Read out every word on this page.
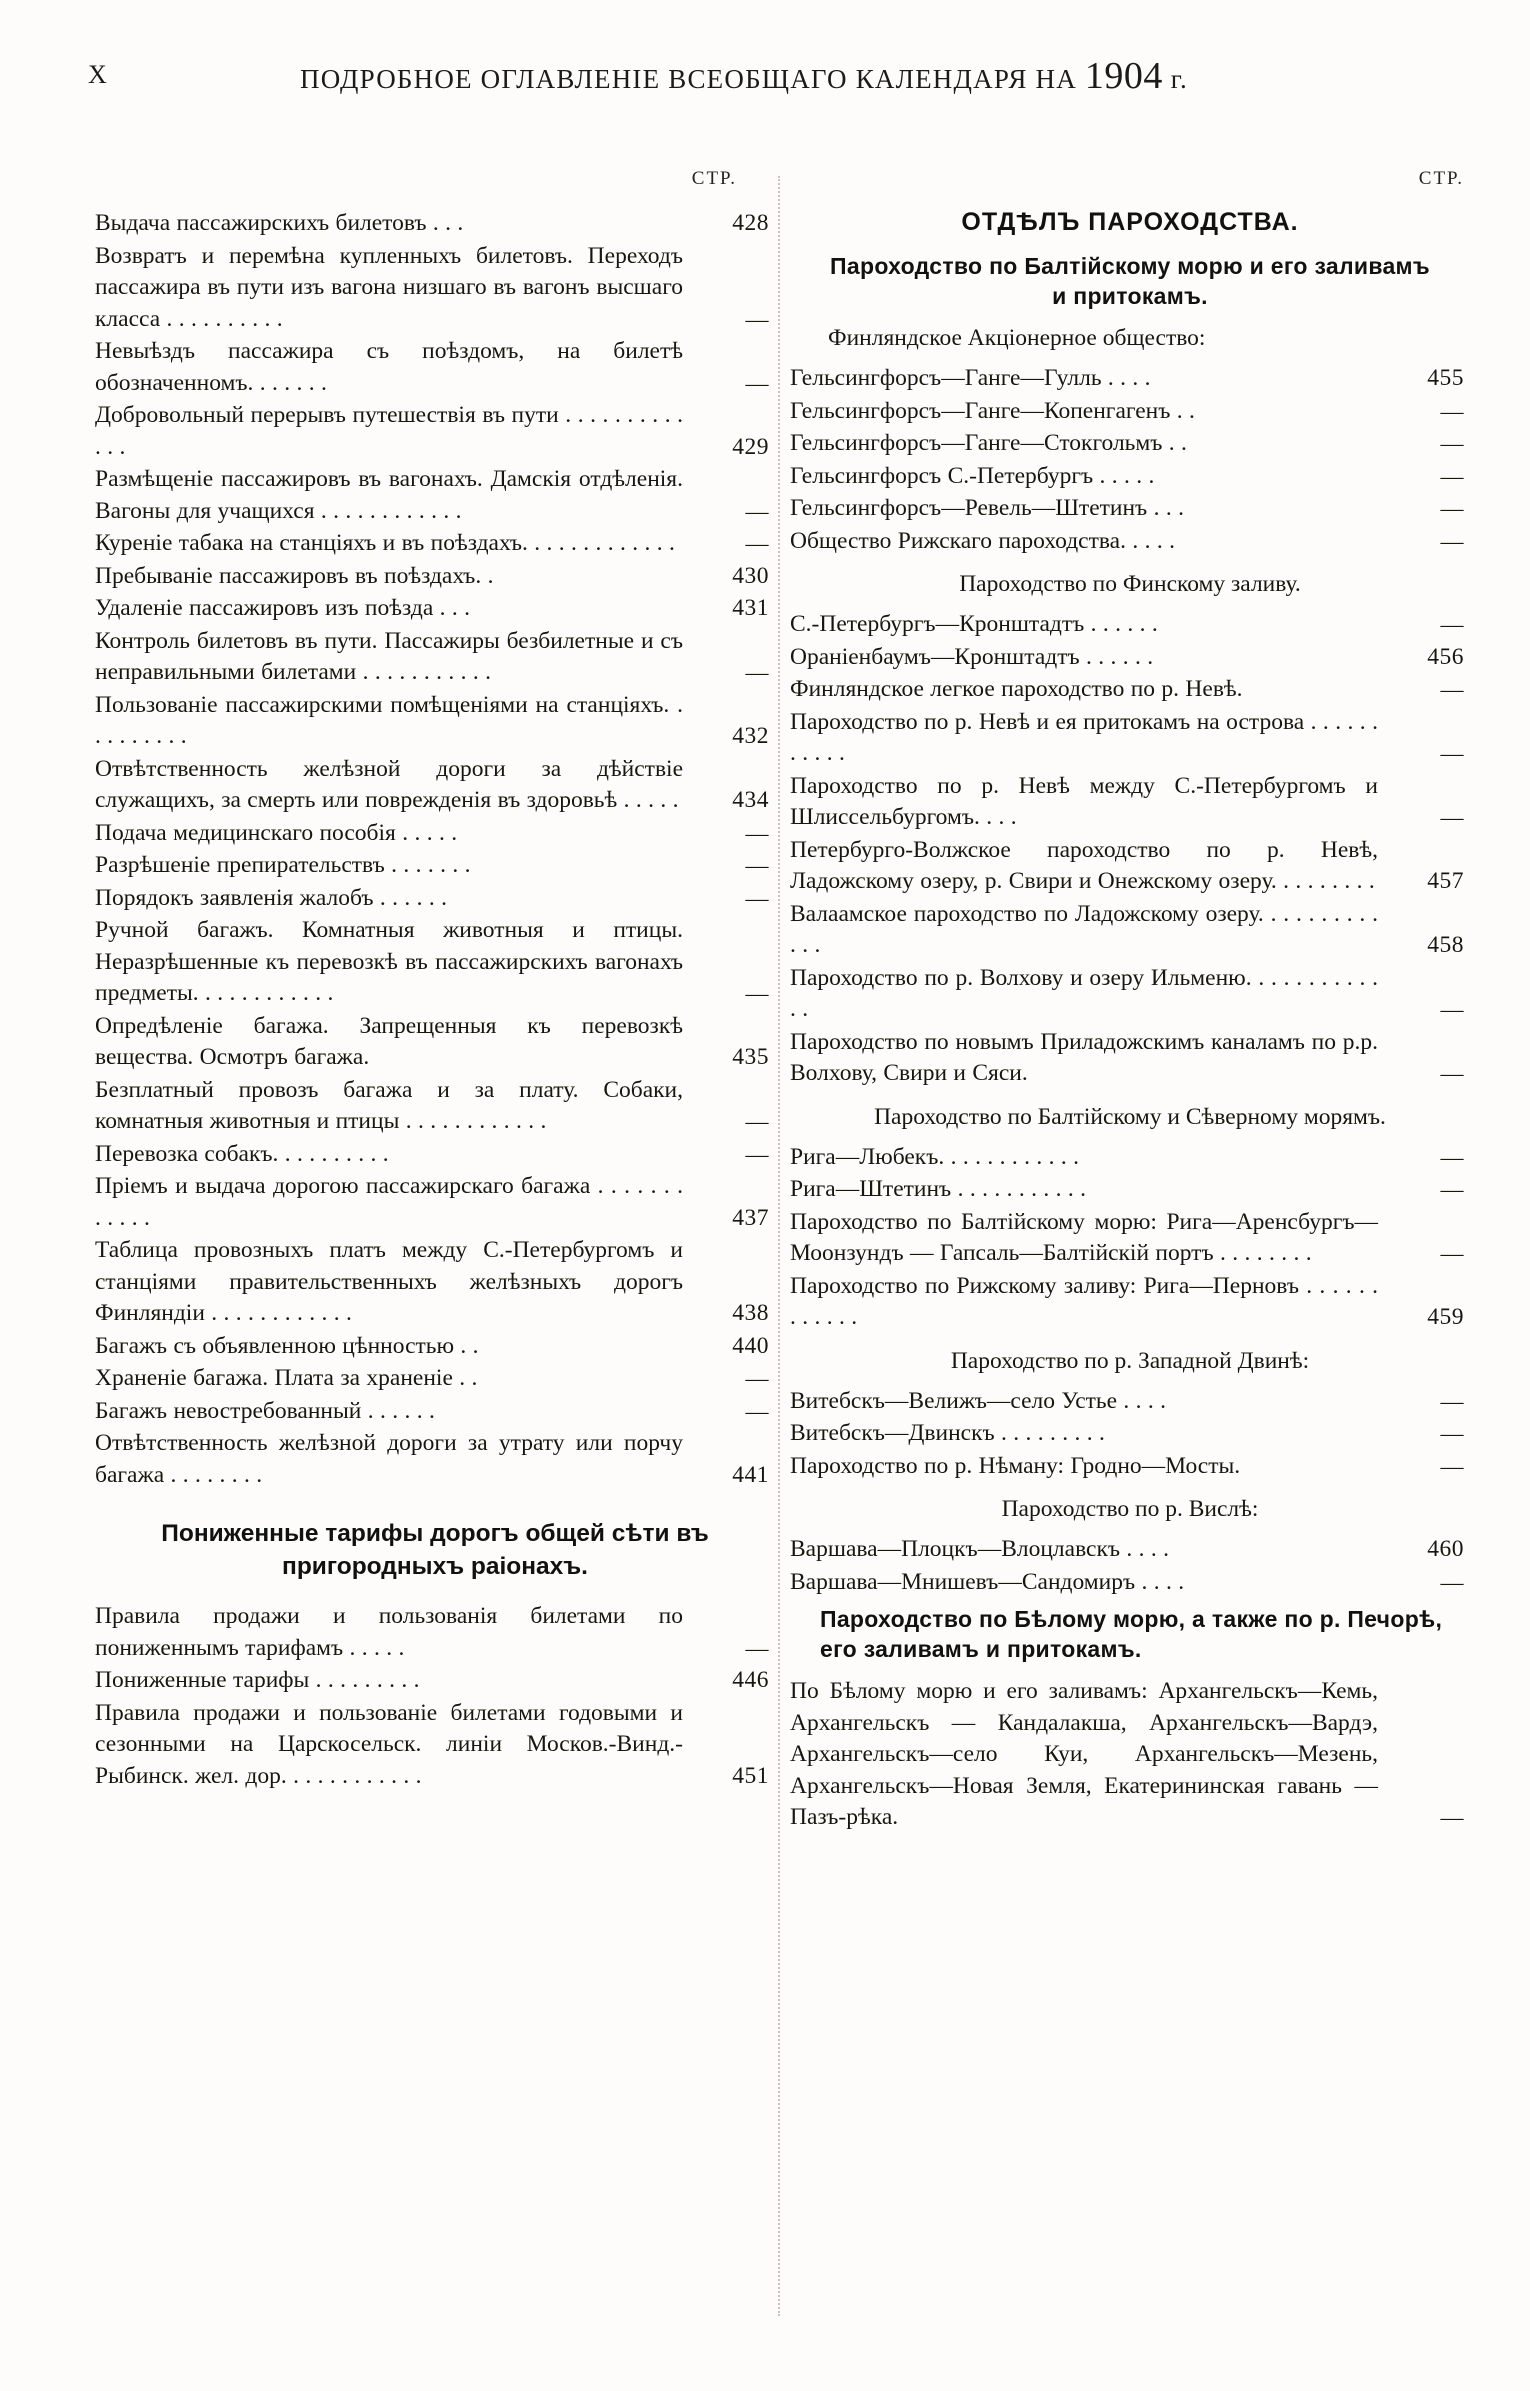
X	ПОДРОБНОЕ ОГЛАВЛЕНІЕ ВСЕОБЩАГО КАЛЕНДАРЯ НА 1904 г.
СТР.
Выдача пассажирскихъ билетовъ . . .	428
Возвратъ и перемѣна купленныхъ билетовъ. Переходъ пассажира въ пути изъ вагона низшаго въ вагонъ высшаго класса . . . . . . . . . .	—
Невыѣздъ пассажира съ поѣздомъ, на билетѣ обозначенномъ. . . . . . .	—
Добровольный перерывъ путешествія въ пути . . . . . . . . . . . . .	429
Размѣщеніе пассажировъ въ вагонахъ. Дамскія отдѣленія. Вагоны для учащихся . . . . . . . . . . . .	—
Куреніе табака на станціяхъ и въ поѣздахъ. . . . . . . . . . . . .	—
Пребываніе пассажировъ въ поѣздахъ. .	430
Удаленіе пассажировъ изъ поѣзда . . .	431
Контроль билетовъ въ пути. Пассажиры безбилетные и съ неправильными билетами . . . . . . . . . . .	—
Пользованіе пассажирскими помѣщеніями на станціяхъ. . . . . . . . . .	432
Отвѣтственность желѣзной дороги за дѣйствіе служащихъ, за смерть или поврежденія въ здоровьѣ . . . . .	434
Подача медицинскаго пособія . . . . .	—
Разрѣшеніе препирательствъ . . . . . . .	—
Порядокъ заявленія жалобъ . . . . . .	—
Ручной багажъ. Комнатныя животныя и птицы. Неразрѣшенные къ перевозкѣ въ пассажирскихъ вагонахъ предметы. . . . . . . . . . . .	—
Опредѣленіе багажа. Запрещенныя къ перевозкѣ вещества. Осмотръ багажа.	435
Безплатный провозъ багажа и за плату. Собаки, комнатныя животныя и птицы . . . . . . . . . . . .	—
Перевозка собакъ. . . . . . . . . .	—
Пріемъ и выдача дорогою пассажирскаго багажа . . . . . . . . . . . .	437
Таблица провозныхъ платъ между С.-Петербургомъ и станціями правительственныхъ желѣзныхъ дорогъ Финляндіи . . . . . . . . . . . .	438
Багажъ съ объявленною цѣнностью . .	440
Храненіе багажа. Плата за храненіе . .	—
Багажъ невостребованный . . . . . .	—
Отвѣтственность желѣзной дороги за утрату или порчу багажа . . . . . . . .	441
Пониженные тарифы дорогъ общей сѣти въ пригородныхъ раіонахъ.
Правила продажи и пользованія билетами по пониженнымъ тарифамъ . . . . .	—
Пониженные тарифы . . . . . . . . .	446
Правила продажи и пользованіе билетами годовыми и сезонными на Царскосельск. линіи Москов.-Винд.-Рыбинск. жел. дор. . . . . . . . . . . .	451
СТР.
ОТДѢЛЪ ПАРОХОДСТВА.
Пароходство по Балтійскому морю и его заливамъ и притокамъ.
Финляндское Акціонерное общество:
Гельсингфорсъ—Ганге—Гулль . . . .	455
Гельсингфорсъ—Ганге—Копенгагенъ . .	—
Гельсингфорсъ—Ганге—Стокгольмъ . .	—
Гельсингфорсъ С.-Петербургъ . . . . .	—
Гельсингфорсъ—Ревель—Штетинъ . . .	—
Общество Рижскаго пароходства. . . . .	—
Пароходство по Финскому заливу.
С.-Петербургъ—Кронштадтъ . . . . . .	—
Оранiенбаумъ—Кронштадтъ . . . . . .	456
Финляндское легкое пароходство по р. Невѣ.	—
Пароходство по р. Невѣ и ея притокамъ на острова . . . . . . . . . . .	—
Пароходство по р. Невѣ между С.-Петербургомъ и Шлиссельбургомъ. . . .	—
Петербурго-Волжское пароходство по р. Невѣ, Ладожскому озеру, р. Свири и Онежскому озеру. . . . . . . . .	457
Валаамское пароходство по Ладожскому озеру. . . . . . . . . . . . .	458
Пароходство по р. Волхову и озеру Ильменю. . . . . . . . . . . . .	—
Пароходство по новымъ Приладожскимъ каналамъ по р.р. Волхову, Свири и Сяси.	—
Пароходство по Балтійскому и Сѣверному морямъ.
Рига—Любекъ. . . . . . . . . . . .	—
Рига—Штетинъ . . . . . . . . . . .	—
Пароходство по Балтійскому морю: Рига—Аренсбургъ—Моонзундъ — Гапсаль—Балтійскій портъ . . . . . . . .	—
Пароходство по Рижскому заливу: Рига—Перновъ . . . . . . . . . . . .	459
Пароходство по р. Западной Двинѣ:
Витебскъ—Велижъ—село Устье . . . .	—
Витебскъ—Двинскъ . . . . . . . . .	—
Пароходство по р. Нѣману: Гродно—Мосты.	—
Пароходство по р. Вислѣ:
Варшава—Плоцкъ—Влоцлавскъ . . . .	460
Варшава—Мнишевъ—Сандомиръ . . . .	—
Пароходство по Бѣлому морю, а также по р. Печорѣ, его заливамъ и притокамъ.
По Бѣлому морю и его заливамъ: Архангельскъ—Кемь, Архангельскъ — Кандалакша, Архангельскъ—Вардэ, Архангельскъ—село Куи, Архангельскъ—Мезень, Архангельскъ—Новая Земля, Екатерининская гавань — Пазъ-рѣка.	—
